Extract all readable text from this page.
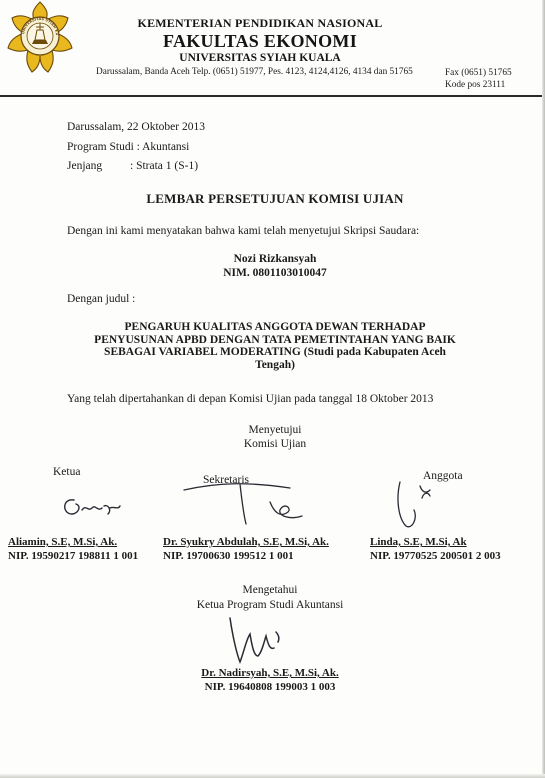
UNIVERSITAS SYIAH KU
KEMENTERIAN PENDIDIKAN NASIONAL
FAKULTAS EKONOMI
UNIVERSITAS SYIAH KUALA
Darussalam, Banda Aceh Telp. (0651) 51977, Pes. 4123, 4124,4126, 4134 dan 51765	Fax (0651) 51765
Kode pos 23111
Darussalam, 22 Oktober 2013
Program Studi : Akuntansi
Jenjang : Strata 1 (S-1)
LEMBAR PERSETUJUAN KOMISI UJIAN
Dengan ini kami menyatakan bahwa kami telah menyetujui Skripsi Saudara:
Nozi Rizkansyah
NIM. 0801103010047
Dengan judul :
PENGARUH KUALITAS ANGGOTA DEWAN TERHADAP
PENYUSUNAN APBD DENGAN TATA PEMETINTAHAN YANG BAIK
SEBAGAI VARIABEL MODERATING (Studi pada Kabupaten Aceh
Tengah)
Yang telah dipertahankan di depan Komisi Ujian pada tanggal 18 Oktober 2013
Menyetujui
Komisi Ujian
Ketua
Sekretaris	Anggota
Aliamin, S.E, M.Si, Ak.
NIP. 19590217 198811 1 001
Dr. Syukry Abdulah, S.E, M.Si, Ak.
NIP. 19700630 199512 1 001
Linda, S.E, M.Si, Ak
NIP. 19770525 200501 2 003
Mengetahui
Ketua Program Studi Akuntansi
Dr. Nadirsyah, S.E, M.Si, Ak.
NIP. 19640808 199003 1 003
